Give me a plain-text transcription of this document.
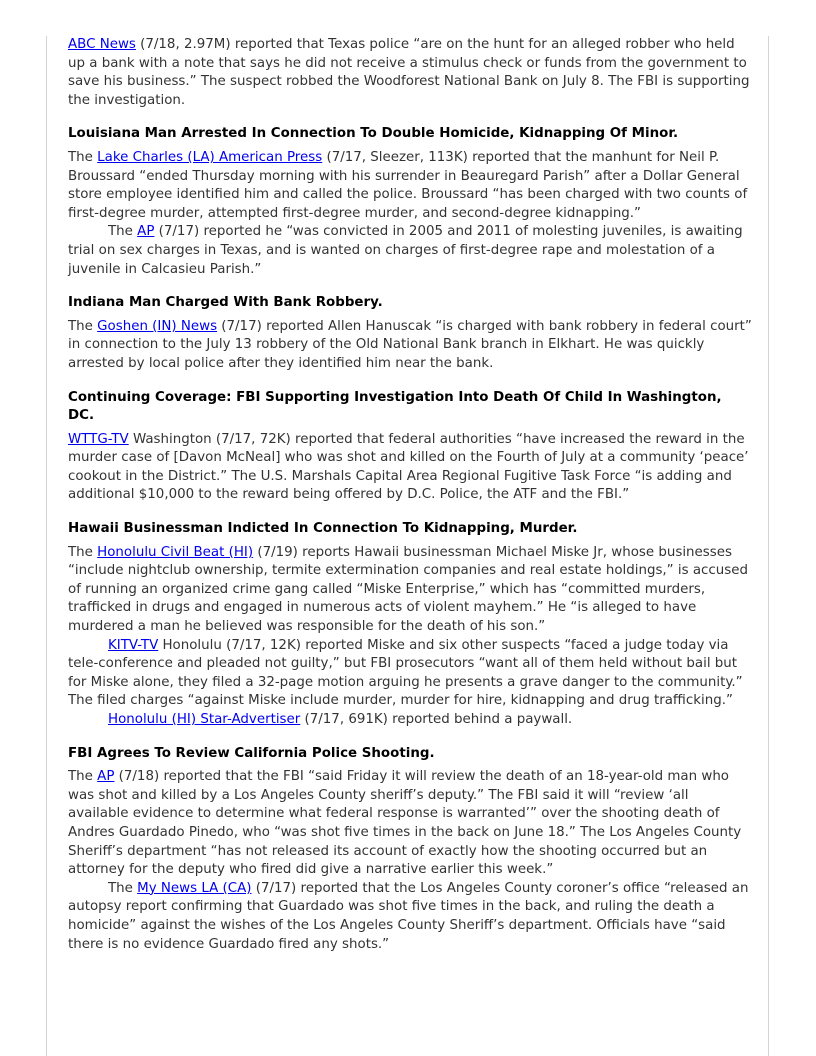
ABC News (7/18, 2.97M) reported that Texas police “are on the hunt for an alleged robber who held up a bank with a note that says he did not receive a stimulus check or funds from the government to save his business.” The suspect robbed the Woodforest National Bank on July 8. The FBI is supporting the investigation.

Louisiana Man Arrested In Connection To Double Homicide, Kidnapping Of Minor.

The Lake Charles (LA) American Press (7/17, Sleezer, 113K) reported that the manhunt for Neil P. Broussard “ended Thursday morning with his surrender in Beauregard Parish” after a Dollar General store employee identified him and called the police. Broussard “has been charged with two counts of first-degree murder, attempted first-degree murder, and second-degree kidnapping.”

The AP (7/17) reported he “was convicted in 2005 and 2011 of molesting juveniles, is awaiting trial on sex charges in Texas, and is wanted on charges of first-degree rape and molestation of a juvenile in Calcasieu Parish.”

Indiana Man Charged With Bank Robbery.

The Goshen (IN) News (7/17) reported Allen Hanuscak “is charged with bank robbery in federal court” in connection to the July 13 robbery of the Old National Bank branch in Elkhart. He was quickly arrested by local police after they identified him near the bank.

Continuing Coverage: FBI Supporting Investigation Into Death Of Child In Washington, DC.

WTTG-TV Washington (7/17, 72K) reported that federal authorities “have increased the reward in the murder case of [Davon McNeal] who was shot and killed on the Fourth of July at a community ‘peace’ cookout in the District.” The U.S. Marshals Capital Area Regional Fugitive Task Force “is adding and additional $10,000 to the reward being offered by D.C. Police, the ATF and the FBI.”

Hawaii Businessman Indicted In Connection To Kidnapping, Murder.

The Honolulu Civil Beat (HI) (7/19) reports Hawaii businessman Michael Miske Jr, whose businesses “include nightclub ownership, termite extermination companies and real estate holdings,” is accused of running an organized crime gang called “Miske Enterprise,” which has “committed murders, trafficked in drugs and engaged in numerous acts of violent mayhem.” He “is alleged to have murdered a man he believed was responsible for the death of his son.”

KITV-TV Honolulu (7/17, 12K) reported Miske and six other suspects “faced a judge today via tele-conference and pleaded not guilty,” but FBI prosecutors “want all of them held without bail but for Miske alone, they filed a 32-page motion arguing he presents a grave danger to the community.” The filed charges “against Miske include murder, murder for hire, kidnapping and drug trafficking.”

Honolulu (HI) Star-Advertiser (7/17, 691K) reported behind a paywall.

FBI Agrees To Review California Police Shooting.

The AP (7/18) reported that the FBI “said Friday it will review the death of an 18-year-old man who was shot and killed by a Los Angeles County sheriff’s deputy.” The FBI said it will “review ‘all available evidence to determine what federal response is warranted’” over the shooting death of Andres Guardado Pinedo, who “was shot five times in the back on June 18.” The Los Angeles County Sheriff’s department “has not released its account of exactly how the shooting occurred but an attorney for the deputy who fired did give a narrative earlier this week.”

The My News LA (CA) (7/17) reported that the Los Angeles County coroner’s office “released an autopsy report confirming that Guardado was shot five times in the back, and ruling the death a homicide” against the wishes of the Los Angeles County Sheriff’s department. Officials have “said there is no evidence Guardado fired any shots.”
